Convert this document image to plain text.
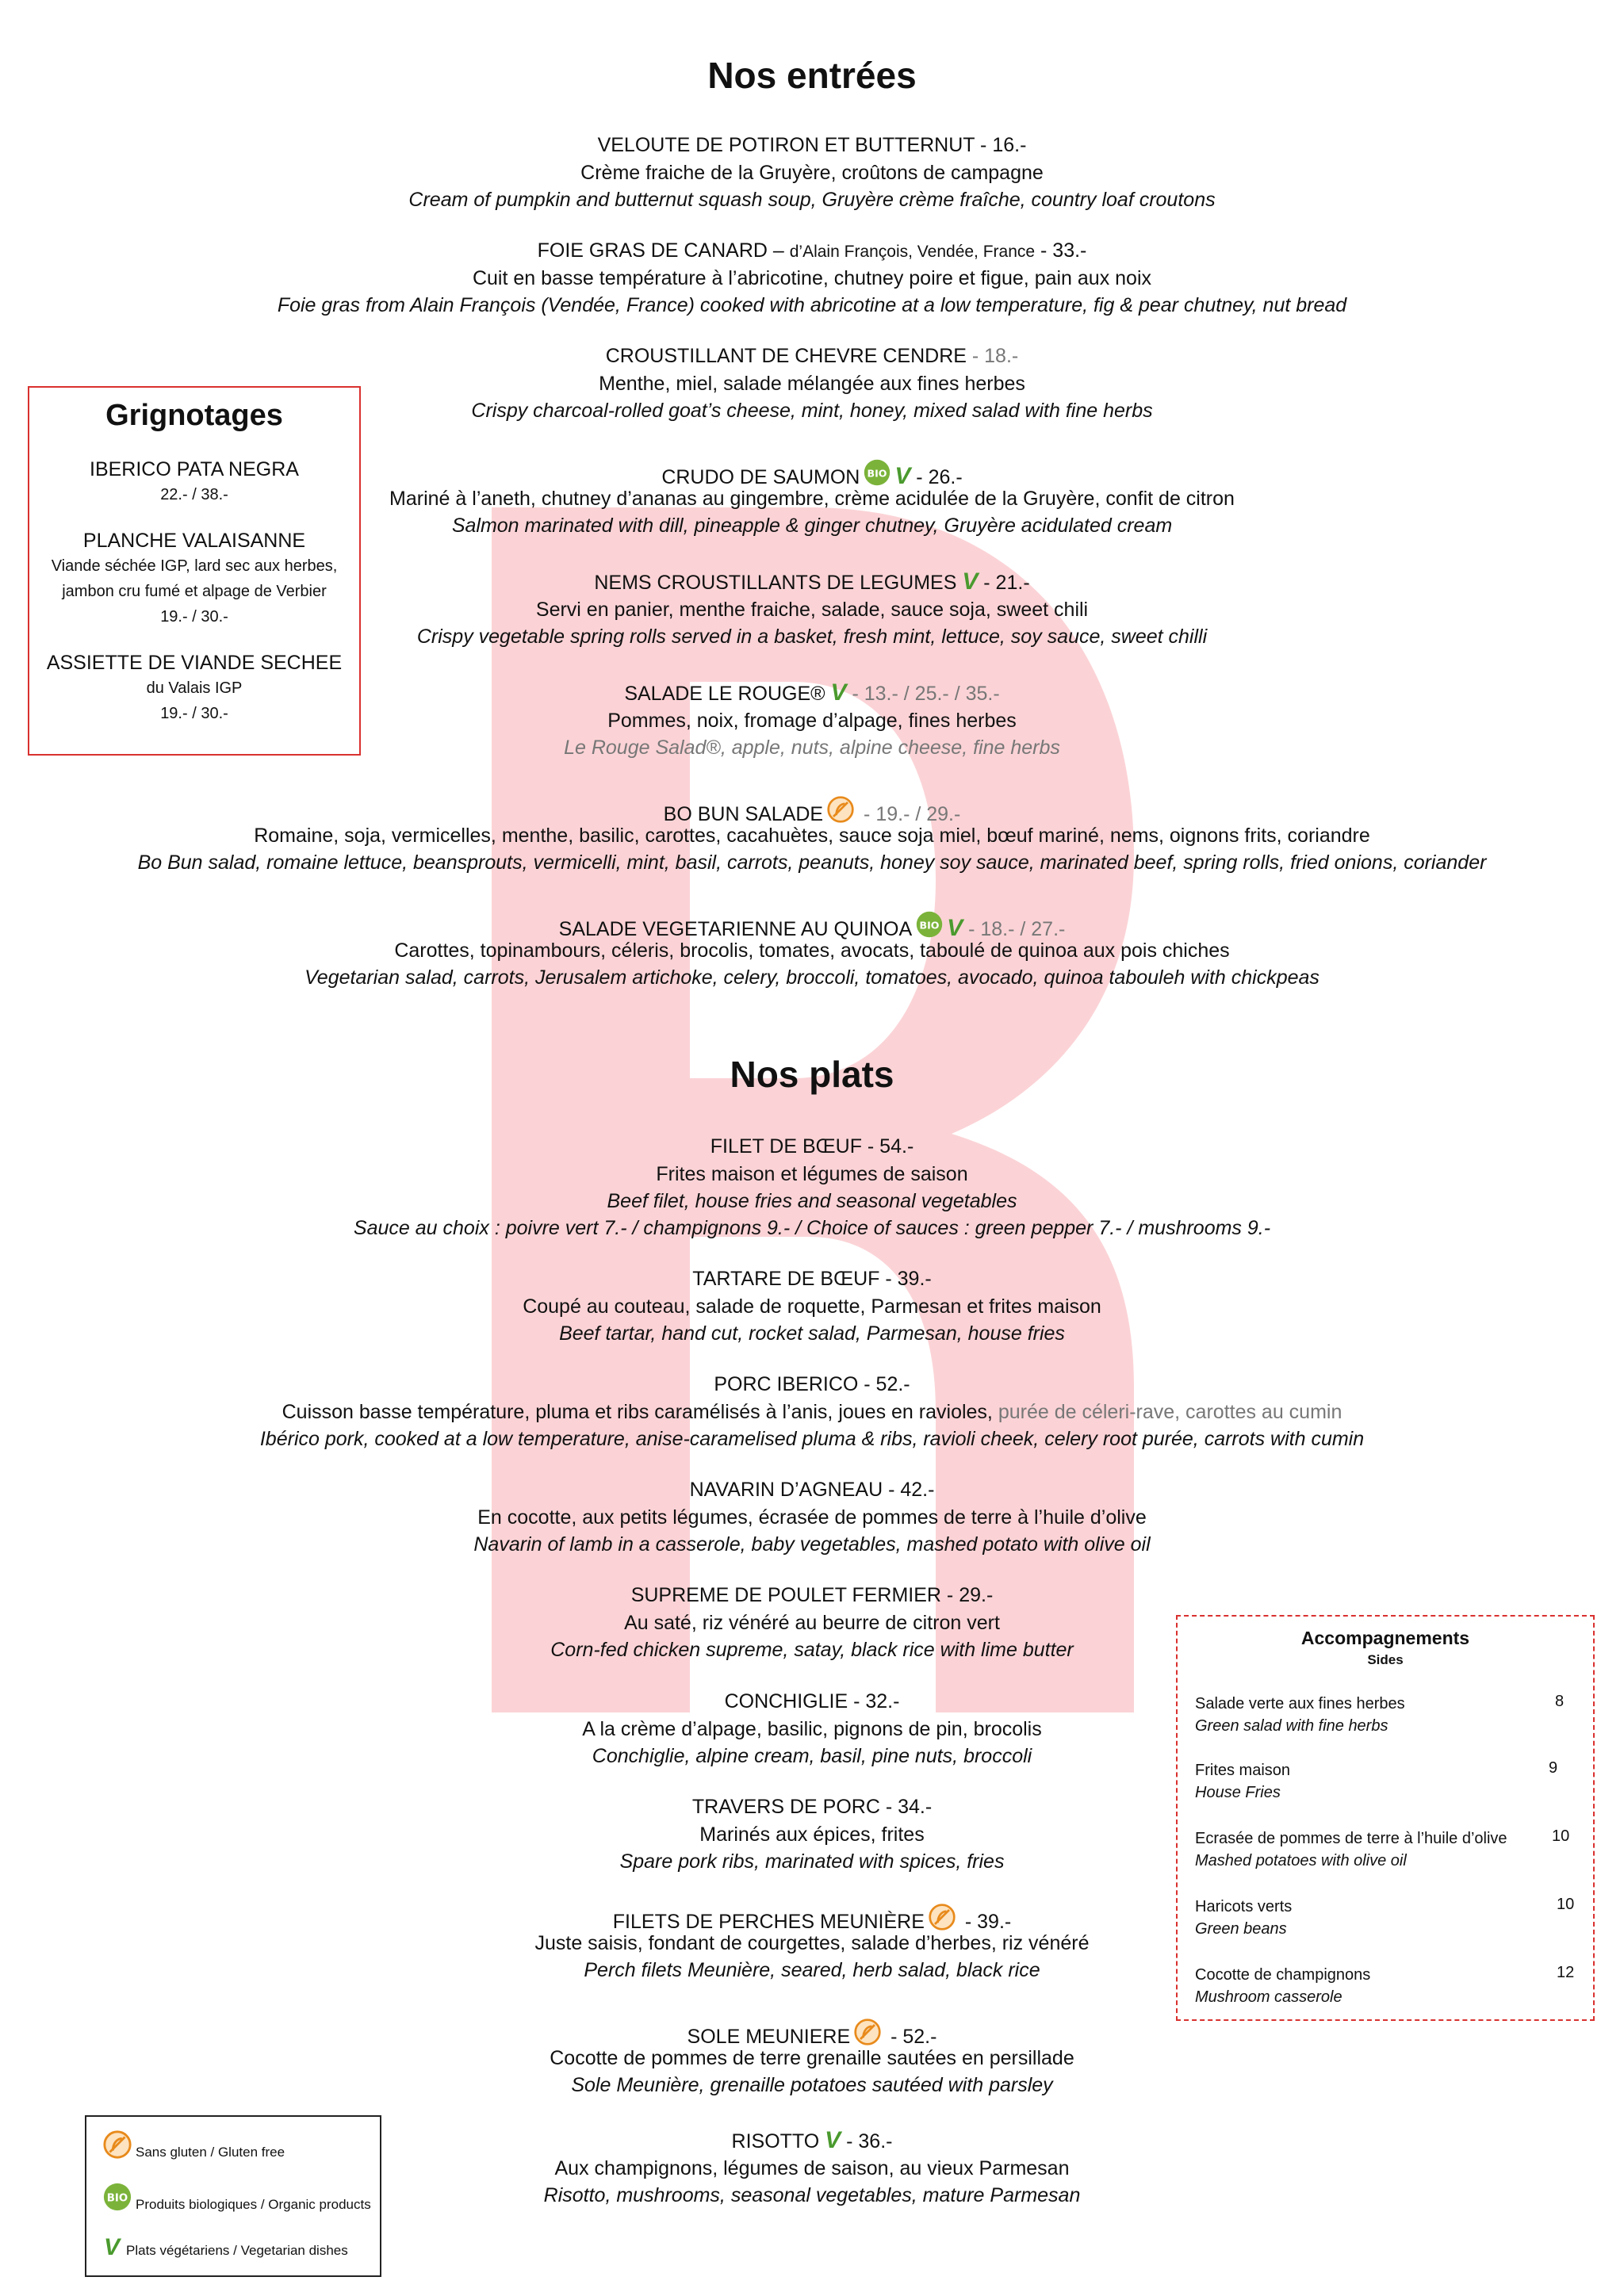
Nos entrées
VELOUTE DE POTIRON ET BUTTERNUT - 16.-
Crème fraiche de la Gruyère, croûtons de campagne
Cream of pumpkin and butternut squash soup, Gruyère crème fraîche, country loaf croutons
FOIE GRAS DE CANARD – d’Alain François, Vendée, France - 33.-
Cuit en basse température à l’abricotine, chutney poire et figue, pain aux noix
Foie gras from Alain François (Vendée, France) cooked with abricotine at a low temperature, fig & pear chutney, nut bread
CROUSTILLANT DE CHEVRE CENDRE - 18.-
Menthe, miel, salade mélangée aux fines herbes
Crispy charcoal-rolled goat’s cheese, mint, honey, mixed salad with fine herbs
CRUDO DE SAUMON V - 26.-
Mariné à l’aneth, chutney d’ananas au gingembre, crème acidulée de la Gruyère, confit de citron
Salmon marinated with dill, pineapple & ginger chutney, Gruyère acidulated cream
NEMS CROUSTILLANTS DE LEGUMES V - 21.-
Servi en panier, menthe fraiche, salade, sauce soja, sweet chili
Crispy vegetable spring rolls served in a basket, fresh mint, lettuce, soy sauce, sweet chilli
SALADE LE ROUGE® V - 13.- / 25.- / 35.-
Pommes, noix, fromage d’alpage, fines herbes
Le Rouge Salad®, apple, nuts, alpine cheese, fine herbs
BO BUN SALADE - 19.- / 29.-
Romaine, soja, vermicelles, menthe, basilic, carottes, cacahuètes, sauce soja miel, bœuf mariné, nems, oignons frits, coriandre
Bo Bun salad, romaine lettuce, beansprouts, vermicelli, mint, basil, carrots, peanuts, honey soy sauce, marinated beef, spring rolls, fried onions, coriander
SALADE VEGETARIENNE AU QUINOA V - 18.- / 27.-
Carottes, topinambours, céleris, brocolis, tomates, avocats, taboulé de quinoa aux pois chiches
Vegetarian salad, carrots, Jerusalem artichoke, celery, broccoli, tomatoes, avocado, quinoa tabouleh with chickpeas
Nos plats
FILET DE BŒUF - 54.-
Frites maison et légumes de saison
Beef filet, house fries and seasonal vegetables
Sauce au choix : poivre vert 7.- / champignons 9.- / Choice of sauces : green pepper 7.- / mushrooms 9.-
TARTARE DE BŒUF - 39.-
Coupé au couteau, salade de roquette, Parmesan et frites maison
Beef tartar, hand cut, rocket salad, Parmesan, house fries
PORC IBERICO - 52.-
Cuisson basse température, pluma et ribs caramélisés à l’anis, joues en ravioles, purée de céleri-rave, carottes au cumin
Ibérico pork, cooked at a low temperature, anise-caramelised pluma & ribs, ravioli cheek, celery root purée, carrots with cumin
NAVARIN D’AGNEAU - 42.-
En cocotte, aux petits légumes, écrasée de pommes de terre à l’huile d’olive
Navarin of lamb in a casserole, baby vegetables, mashed potato with olive oil
SUPREME DE POULET FERMIER - 29.-
Au saté, riz vénéré au beurre de citron vert
Corn-fed chicken supreme, satay, black rice with lime butter
CONCHIGLIE - 32.-
A la crème d’alpage, basilic, pignons de pin, brocolis
Conchiglie, alpine cream, basil, pine nuts, broccoli
TRAVERS DE PORC - 34.-
Marinés aux épices, frites
Spare pork ribs, marinated with spices, fries
FILETS DE PERCHES MEUNIÈRE - 39.-
Juste saisis, fondant de courgettes, salade d’herbes, riz vénéré
Perch filets Meunière, seared, herb salad, black rice
SOLE MEUNIERE - 52.-
Cocotte de pommes de terre grenaille sautées en persillade
Sole Meunière, grenaille potatoes sautéed with parsley
RISOTTO V - 36.-
Aux champignons, légumes de saison, au vieux Parmesan
Risotto, mushrooms, seasonal vegetables, mature Parmesan
Grignotages
IBERICO PATA NEGRA
22.- / 38.-
PLANCHE VALAISANNE
Viande séchée IGP, lard sec aux herbes,
jambon cru fumé et alpage de Verbier
19.- / 30.-
ASSIETTE DE VIANDE SECHEE
du Valais IGP
19.- / 30.-
Accompagnements
Sides
Salade verte aux fines herbes
Green salad with fine herbs
8
Frites maison
House Fries
9
Ecrasée de pommes de terre à l’huile d’olive
Mashed potatoes with olive oil
10
Haricots verts
Green beans
10
Cocotte de champignons
Mushroom casserole
12
Sans gluten / Gluten free
Produits biologiques / Organic products
V Plats végétariens / Vegetarian dishes
